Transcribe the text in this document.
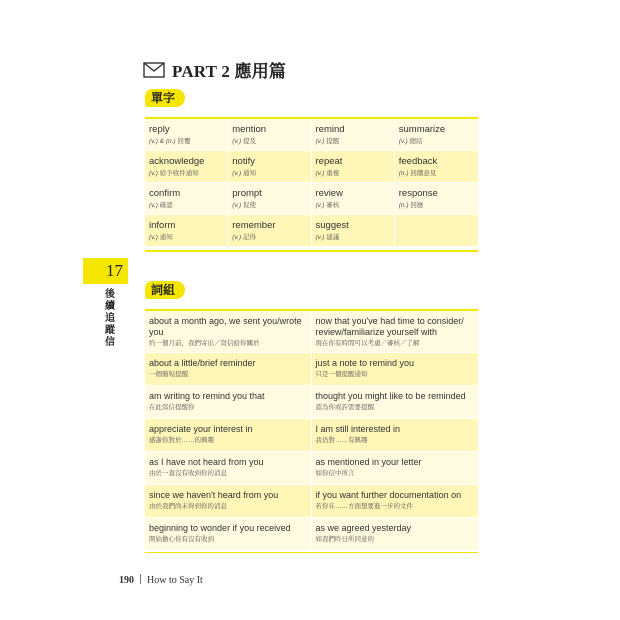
PART 2 應用篇
單字
reply
(v.) & (n.) 回覆
mention
(v.) 提及
remind
(v.) 提醒
summarize
(v.) 總結
acknowledge
(v.) 給予收件通知
notify
(v.) 通知
repeat
(v.) 重複
feedback
(n.) 回饋意見
confirm
(v.) 確認
prompt
(v.) 促使
review
(v.) 審核
response
(n.) 回應
inform
(v.) 通知
remember
(v.) 記得
suggest
(v.) 建議
17
後續追蹤信
詞組
about a month ago, we sent you/wrote you
約一個月前，我們寄出／寫信給你關於
now that you've had time to consider/ review/familiarize yourself with
現在你有時間可以考慮／審核／了解
about a little/brief reminder
一個簡短提醒
just a note to remind you
只是一個提醒通知
am writing to remind you that
在此寫信提醒你
thought you might like to be reminded
認為你或許需要提醒
appreciate your interest in
感謝你對於……的興趣
I am still interested in
我仍對……有興趣
as I have not heard from you
由於一直沒有收到你的消息
as mentioned in your letter
如你信中所言
since we haven't heard from you
由於我們尚未得到你的消息
if you want further documentation on
若你在……方面想要進一步的文件
beginning to wonder if you received
開始擔心你有沒有收到
as we agreed yesterday
如我們昨日所同意的
190 How to Say It
